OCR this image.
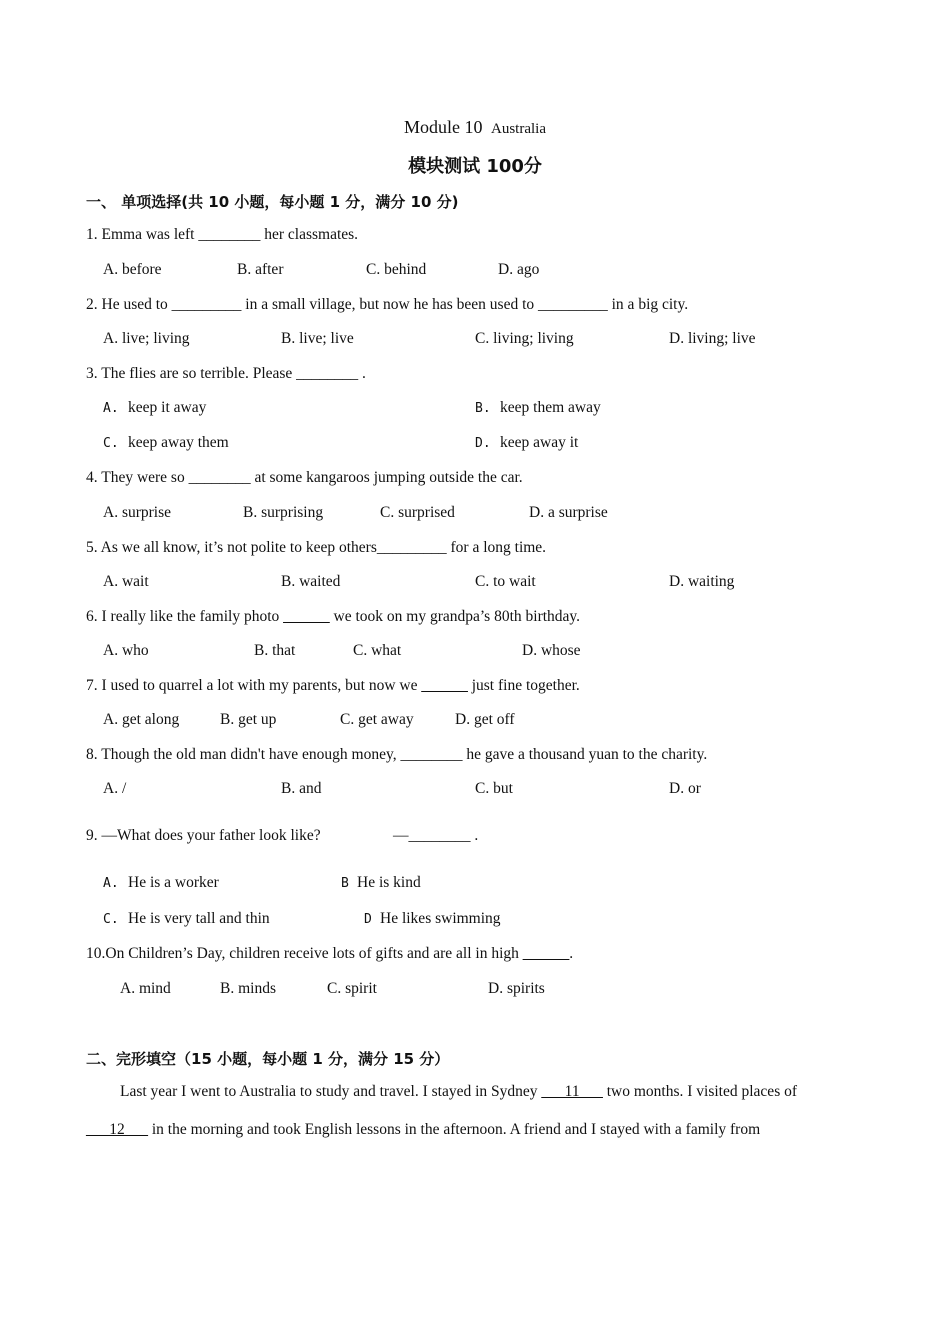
Module 10 Australia
模块测试 100分
一、 单项选择(共 10 小题，每小题 1 分，满分 10 分)
1. Emma was left ________ her classmates.
A. before	B. after	C. behind	D. ago
2. He used to _________ in a small village, but now he has been used to _________ in a big city.
A. live; living	B. live; live	C. living; living	D. living; live
3. The flies are so terrible. Please ________ .
A. keep it away	B. keep them away
C. keep away them	D. keep away it
4. They were so ________ at some kangaroos jumping outside the car.
A. surprise	B. surprising	C. surprised	D. a surprise
5. As we all know, it’s not polite to keep others_________ for a long time.
A. wait	B. waited	C. to wait	D. waiting
6. I really like the family photo ______ we took on my grandpa’s 80th birthday.
A. who	B. that	C. what	D. whose
7. I used to quarrel a lot with my parents, but now we ______ just fine together.
A. get along	B. get up	C. get away	D. get off
8. Though the old man didn't have enough money, ________ he gave a thousand yuan to the charity.
A. /	B. and	C. but	D. or
9. —What does your father look like?	—________ .
A. He is a worker	B He is kind
C. He is very tall and thin	D He likes swimming
10.On Children’s Day, children receive lots of gifts and are all in high ______.
A. mind	B. minds	C. spirit	D. spirits
二、完形填空（15 小题，每小题 1 分，满分 15 分）
Last year I went to Australia to study and travel. I stayed in Sydney ___11___ two months. I visited places of
___12___ in the morning and took English lessons in the afternoon. A friend and I stayed with a family from
